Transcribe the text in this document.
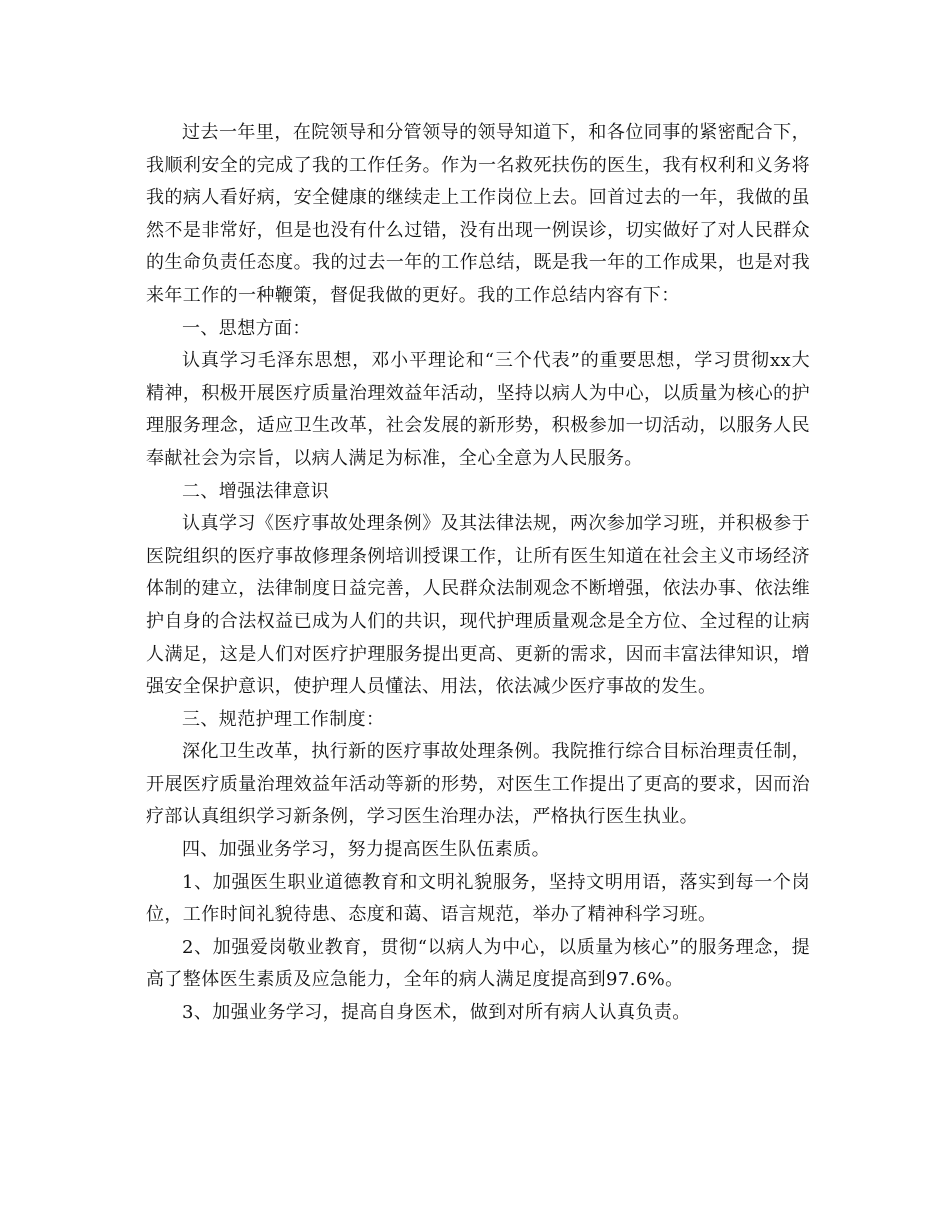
过去一年里，在院领导和分管领导的领导知道下，和各位同事的紧密配合下，我顺利安全的完成了我的工作任务。作为一名救死扶伤的医生，我有权利和义务将我的病人看好病，安全健康的继续走上工作岗位上去。回首过去的一年，我做的虽然不是非常好，但是也没有什么过错，没有出现一例误诊，切实做好了对人民群众的生命负责任态度。我的过去一年的工作总结，既是我一年的工作成果，也是对我来年工作的一种鞭策，督促我做的更好。我的工作总结内容有下：

一、思想方面：

认真学习毛泽东思想，邓小平理论和“三个代表”的重要思想，学习贯彻xx大精神，积极开展医疗质量治理效益年活动，坚持以病人为中心，以质量为核心的护理服务理念，适应卫生改革，社会发展的新形势，积极参加一切活动，以服务人民奉献社会为宗旨，以病人满足为标准，全心全意为人民服务。

二、增强法律意识

认真学习《医疗事故处理条例》及其法律法规，两次参加学习班，并积极参于医院组织的医疗事故修理条例培训授课工作，让所有医生知道在社会主义市场经济体制的建立，法律制度日益完善，人民群众法制观念不断增强，依法办事、依法维护自身的合法权益已成为人们的共识，现代护理质量观念是全方位、全过程的让病人满足，这是人们对医疗护理服务提出更高、更新的需求，因而丰富法律知识，增强安全保护意识，使护理人员懂法、用法，依法减少医疗事故的发生。

三、规范护理工作制度：

深化卫生改革，执行新的医疗事故处理条例。我院推行综合目标治理责任制，开展医疗质量治理效益年活动等新的形势，对医生工作提出了更高的要求，因而治疗部认真组织学习新条例，学习医生治理办法，严格执行医生执业。

四、加强业务学习，努力提高医生队伍素质。

1、加强医生职业道德教育和文明礼貌服务，坚持文明用语，落实到每一个岗位，工作时间礼貌待患、态度和蔼、语言规范，举办了精神科学习班。

2、加强爱岗敬业教育，贯彻“以病人为中心，以质量为核心”的服务理念，提高了整体医生素质及应急能力，全年的病人满足度提高到97.6%。

3、加强业务学习，提高自身医术，做到对所有病人认真负责。
